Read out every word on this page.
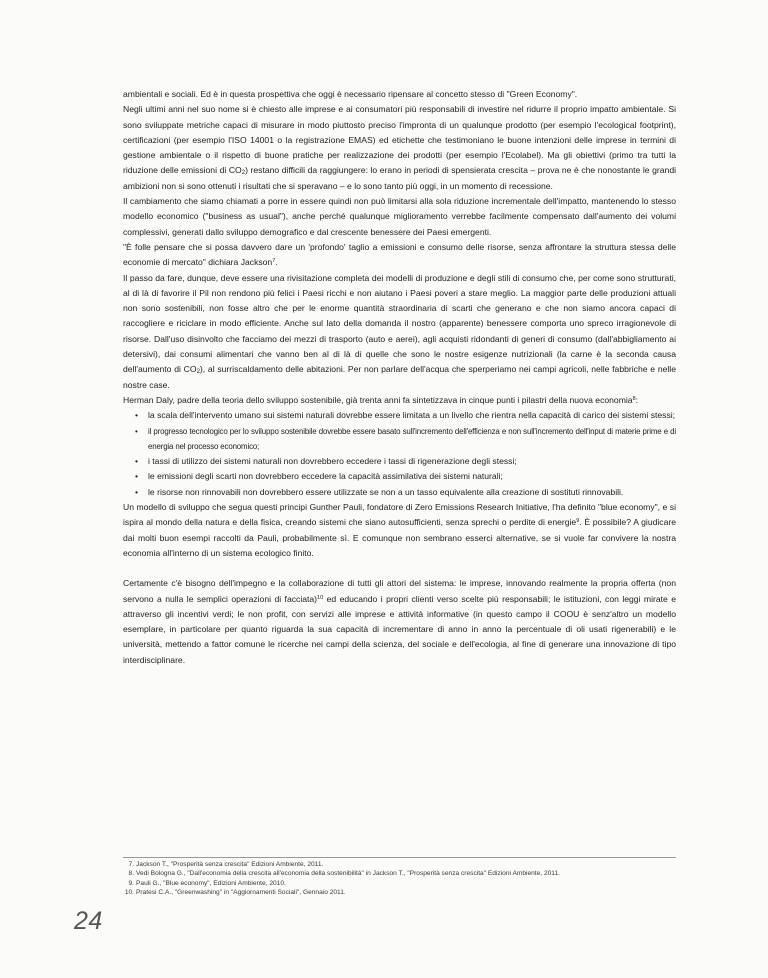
ambientali e sociali. Ed è in questa prospettiva che oggi è necessario ripensare al concetto stesso di "Green Economy".

Negli ultimi anni nel suo nome si è chiesto alle imprese e ai consumatori più responsabili di investire nel ridurre il proprio impatto ambientale. Si sono sviluppate metriche capaci di misurare in modo piuttosto preciso l'impronta di un qualunque prodotto (per esempio l'ecological footprint), certificazioni (per esempio l'ISO 14001 o la registrazione EMAS) ed etichette che testimoniano le buone intenzioni delle imprese in termini di gestione ambientale o il rispetto di buone pratiche per realizzazione dei prodotti (per esempio l'Ecolabel). Ma gli obiettivi (primo tra tutti la riduzione delle emissioni di $CO_2$) restano difficili da raggiungere: lo erano in periodi di spensierata crescita – prova ne è che nonostante le grandi ambizioni non si sono ottenuti i risultati che si speravano – e lo sono tanto più oggi, in un momento di recessione.

Il cambiamento che siamo chiamati a porre in essere quindi non può limitarsi alla sola riduzione incrementale dell'impatto, mantenendo lo stesso modello economico ("business as usual"), anche perché qualunque miglioramento verrebbe facilmente compensato dall'aumento dei volumi complessivi, generati dallo sviluppo demografico e dal crescente benessere dei Paesi emergenti.

"È folle pensare che si possa davvero dare un 'profondo' taglio a emissioni e consumo delle risorse, senza affrontare la struttura stessa delle economie di mercato" dichiara Jackson$^7$.

Il passo da fare, dunque, deve essere una rivisitazione completa dei modelli di produzione e degli stili di consumo che, per come sono strutturati, al di là di favorire il Pil non rendono più felici i Paesi ricchi e non aiutano i Paesi poveri a stare meglio. La maggior parte delle produzioni attuali non sono sostenibili, non fosse altro che per le enorme quantità straordinaria di scarti che generano e che non siamo ancora capaci di raccogliere e riciclare in modo efficiente. Anche sul lato della domanda il nostro (apparente) benessere comporta uno spreco irragionevole di risorse. Dall'uso disinvolto che facciamo dei mezzi di trasporto (auto e aerei), agli acquisti ridondanti di generi di consumo (dall'abbigliamento ai detersivi), dai consumi alimentari che vanno ben al di là di quelle che sono le nostre esigenze nutrizionali (la carne è la seconda causa dell'aumento di $CO_2$), al surriscaldamento delle abitazioni. Per non parlare dell'acqua che sperperiamo nei campi agricoli, nelle fabbriche e nelle nostre case.

Herman Daly, padre della teoria dello sviluppo sostenibile, già trenta anni fa sintetizzava in cinque punti i pilastri della nuova economia$^8$:

• la scala dell'intervento umano sui sistemi naturali dovrebbe essere limitata a un livello che rientra nella capacità di carico dei sistemi stessi;
• il progresso tecnologico per lo sviluppo sostenibile dovrebbe essere basato sull'incremento dell'efficienza e non sull'incremento dell'input di materie prime e di energia nel processo economico;
• i tassi di utilizzo dei sistemi naturali non dovrebbero eccedere i tassi di rigenerazione degli stessi;
• le emissioni degli scarti non dovrebbero eccedere la capacità assimilativa dei sistemi naturali;
• le risorse non rinnovabili non dovrebbero essere utilizzate se non a un tasso equivalente alla creazione di sostituti rinnovabili.

Un modello di sviluppo che segua questi principi Gunther Pauli, fondatore di Zero Emissions Research Initiative, l'ha definito "blue economy", e si ispira al mondo della natura e della fisica, creando sistemi che siano autosufficienti, senza sprechi o perdite di energie$^9$. È possibile? A giudicare dai molti buon esempi raccolti da Pauli, probabilmente sì. E comunque non sembrano esserci alternative, se si vuole far convivere la nostra economia all'interno di un sistema ecologico finito.

Certamente c'è bisogno dell'impegno e la collaborazione di tutti gli attori del sistema: le imprese, innovando realmente la propria offerta (non servono a nulla le semplici operazioni di facciata)$^{10}$ ed educando i propri clienti verso scelte più responsabili; le istituzioni, con leggi mirate e attraverso gli incentivi verdi; le non profit, con servizi alle imprese e attività informative (in questo campo il COOU è senz'altro un modello esemplare, in particolare per quanto riguarda la sua capacità di incrementare di anno in anno la percentuale di oli usati rigenerabili) e le università, mettendo a fattor comune le ricerche nei campi della scienza, del sociale e dell'ecologia, al fine di generare una innovazione di tipo interdisciplinare.

7. Jackson T., "Prosperità senza crescita" Edizioni Ambiente, 2011.
8. Vedi Bologna G., "Dall'economia della crescita all'economia della sostenibilità" in Jackson T., "Prosperità senza crescita" Edizioni Ambiente, 2011.
9. Pauli G., "Blue economy", Edizioni Ambiente, 2010.
10. Pratesi C.A., "Greenwashing" in "Aggiornamenti Sociali", Gennaio 2011.
24
